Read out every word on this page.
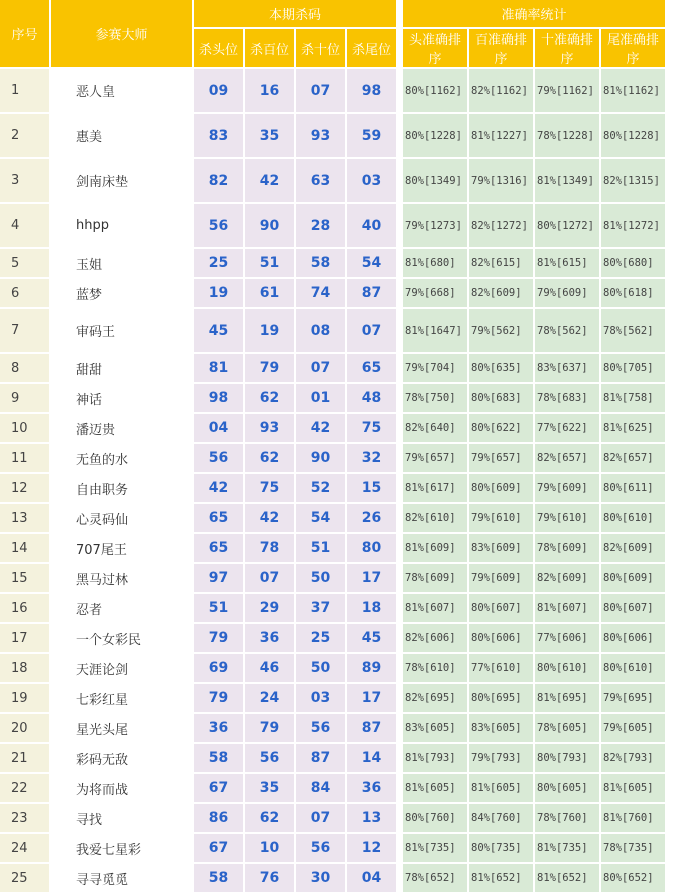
序号	参赛大师	本期杀码					准确率统计			
		杀头位	杀百位	杀十位	杀尾位		头准确排序	百准确排序	十准确排序	尾准确排序
1	恶人皇	09	16	07	98		80%[1162]	82%[1162]	79%[1162]	81%[1162]
2	惠美	83	35	93	59		80%[1228]	81%[1227]	78%[1228]	80%[1228]
3	剑南床垫	82	42	63	03		80%[1349]	79%[1316]	81%[1349]	82%[1315]
4	hhpp	56	90	28	40		79%[1273]	82%[1272]	80%[1272]	81%[1272]
5	玉姐	25	51	58	54		81%[680]	82%[615]	81%[615]	80%[680]
6	蓝梦	19	61	74	87		79%[668]	82%[609]	79%[609]	80%[618]
7	审码王	45	19	08	07		81%[1647]	79%[562]	78%[562]	78%[562]
8	甜甜	81	79	07	65		79%[704]	80%[635]	83%[637]	80%[705]
9	神话	98	62	01	48		78%[750]	80%[683]	78%[683]	81%[758]
10	潘迈贵	04	93	42	75		82%[640]	80%[622]	77%[622]	81%[625]
11	无鱼的水	56	62	90	32		79%[657]	79%[657]	82%[657]	82%[657]
12	自由职务	42	75	52	15		81%[617]	80%[609]	79%[609]	80%[611]
13	心灵码仙	65	42	54	26		82%[610]	79%[610]	79%[610]	80%[610]
14	707尾王	65	78	51	80		81%[609]	83%[609]	78%[609]	82%[609]
15	黑马过林	97	07	50	17		78%[609]	79%[609]	82%[609]	80%[609]
16	忍者	51	29	37	18		81%[607]	80%[607]	81%[607]	80%[607]
17	一个女彩民	79	36	25	45		82%[606]	80%[606]	77%[606]	80%[606]
18	天涯论剑	69	46	50	89		78%[610]	77%[610]	80%[610]	80%[610]
19	七彩红星	79	24	03	17		82%[695]	80%[695]	81%[695]	79%[695]
20	星光头尾	36	79	56	87		83%[605]	83%[605]	78%[605]	79%[605]
21	彩码无敌	58	56	87	14		81%[793]	79%[793]	80%[793]	82%[793]
22	为将而战	67	35	84	36		81%[605]	81%[605]	80%[605]	81%[605]
23	寻找	86	62	07	13		80%[760]	84%[760]	78%[760]	81%[760]
24	我爱七星彩	67	10	56	12		81%[735]	80%[735]	81%[735]	78%[735]
25	寻寻觅觅	58	76	30	04		78%[652]	81%[652]	81%[652]	80%[652]
